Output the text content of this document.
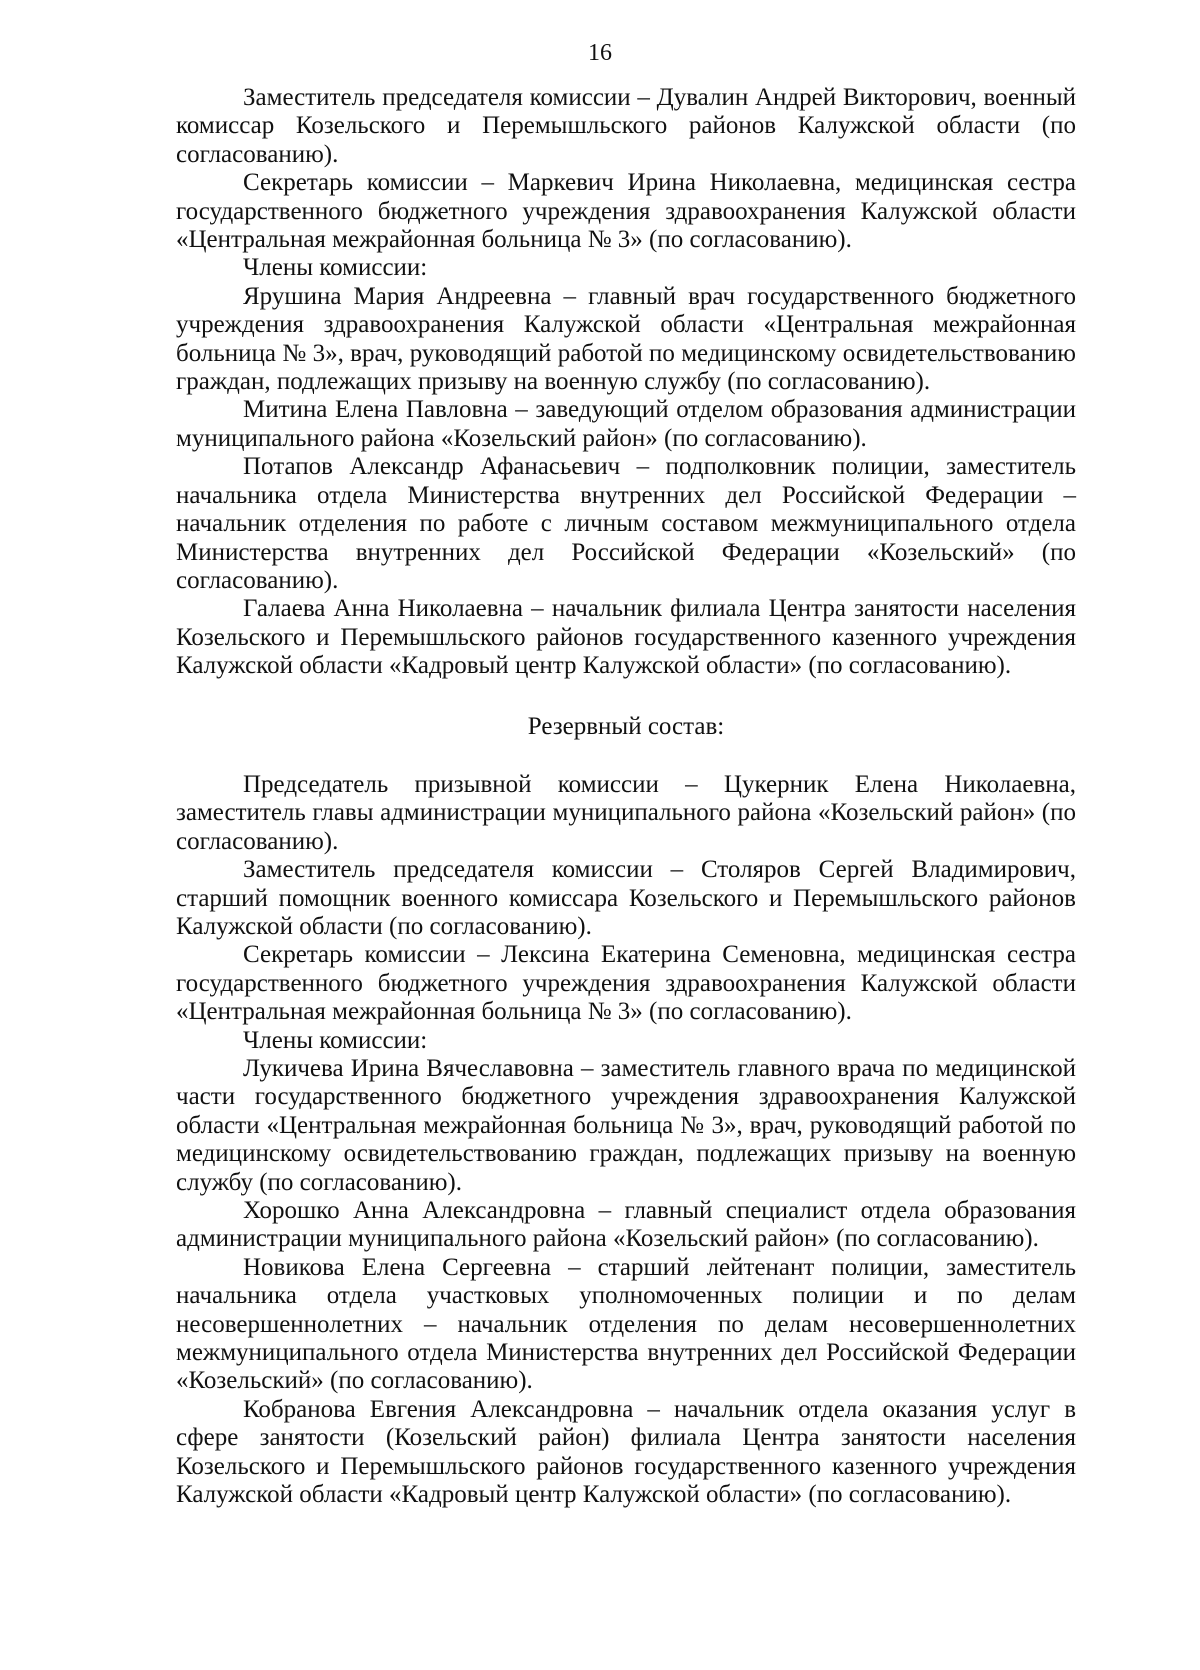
16

Заместитель председателя комиссии – Дувалин Андрей Викторович, военный комиссар Козельского и Перемышльского районов Калужской области (по согласованию).

Секретарь комиссии – Маркевич Ирина Николаевна, медицинская сестра государственного бюджетного учреждения здравоохранения Калужской области «Центральная межрайонная больница № 3» (по согласованию).

Члены комиссии:

Ярушина Мария Андреевна – главный врач государственного бюджетного учреждения здравоохранения Калужской области «Центральная межрайонная больница № 3», врач, руководящий работой по медицинскому освидетельствованию граждан, подлежащих призыву на военную службу (по согласованию).

Митина Елена Павловна – заведующий отделом образования администрации муниципального района «Козельский район» (по согласованию).

Потапов Александр Афанасьевич – подполковник полиции, заместитель начальника отдела Министерства внутренних дел Российской Федерации – начальник отделения по работе с личным составом межмуниципального отдела Министерства внутренних дел Российской Федерации «Козельский» (по согласованию).

Галаева Анна Николаевна – начальник филиала Центра занятости населения Козельского и Перемышльского районов государственного казенного учреждения Калужской области «Кадровый центр Калужской области» (по согласованию).

Резервный состав:

Председатель призывной комиссии – Цукерник Елена Николаевна, заместитель главы администрации муниципального района «Козельский район» (по согласованию).

Заместитель председателя комиссии – Столяров Сергей Владимирович, старший помощник военного комиссара Козельского и Перемышльского районов Калужской области (по согласованию).

Секретарь комиссии – Лексина Екатерина Семеновна, медицинская сестра государственного бюджетного учреждения здравоохранения Калужской области «Центральная межрайонная больница № 3» (по согласованию).

Члены комиссии:

Лукичева Ирина Вячеславовна – заместитель главного врача по медицинской части государственного бюджетного учреждения здравоохранения Калужской области «Центральная межрайонная больница № 3», врач, руководящий работой по медицинскому освидетельствованию граждан, подлежащих призыву на военную службу (по согласованию).

Хорошко Анна Александровна – главный специалист отдела образования администрации муниципального района «Козельский район» (по согласованию).

Новикова Елена Сергеевна – старший лейтенант полиции, заместитель начальника отдела участковых уполномоченных полиции и по делам несовершеннолетних – начальник отделения по делам несовершеннолетних межмуниципального отдела Министерства внутренних дел Российской Федерации «Козельский» (по согласованию).

Кобранова Евгения Александровна – начальник отдела оказания услуг в сфере занятости (Козельский район) филиала Центра занятости населения Козельского и Перемышльского районов государственного казенного учреждения Калужской области «Кадровый центр Калужской области» (по согласованию).
